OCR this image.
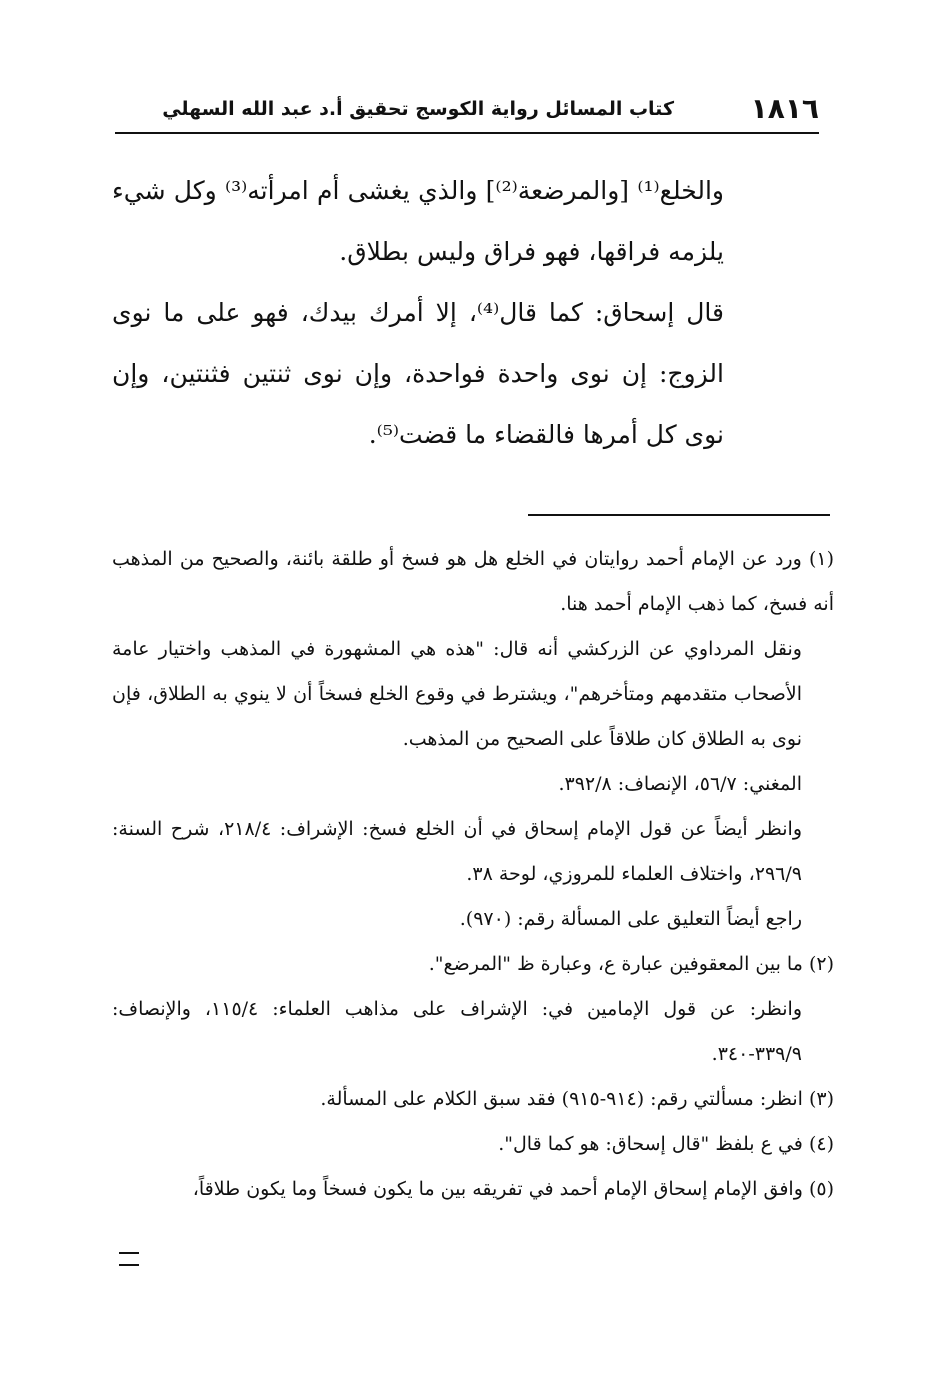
١٨١٦
كتاب المسائل رواية الكوسج تحقيق أ.د عبد الله السهلي

والخلع⁽¹⁾ [والمرضعة⁽²⁾] والذي يغشى أم امرأته⁽³⁾ وكل شيء يلزمه فراقها، فهو فراق وليس بطلاق.

قال إسحاق: كما قال⁽⁴⁾، إلا أمرك بيدك، فهو على ما نوى الزوج: إن نوى واحدة فواحدة، وإن نوى ثنتين فثنتين، وإن نوى كل أمرها فالقضاء ما قضت⁽⁵⁾.

(١) ورد عن الإمام أحمد روايتان في الخلع هل هو فسخ أو طلقة بائنة، والصحيح من المذهب أنه فسخ، كما ذهب الإمام أحمد هنا.

ونقل المرداوي عن الزركشي أنه قال: "هذه هي المشهورة في المذهب واختيار عامة الأصحاب متقدمهم ومتأخرهم"، ويشترط في وقوع الخلع فسخاً أن لا ينوي به الطلاق، فإن نوى به الطلاق كان طلاقاً على الصحيح من المذهب.

المغني: ٥٦/٧، الإنصاف: ٣٩٢/٨.

وانظر أيضاً عن قول الإمام إسحاق في أن الخلع فسخ: الإشراف: ٢١٨/٤، شرح السنة: ٢٩٦/٩، واختلاف العلماء للمروزي، لوحة ٣٨.

راجع أيضاً التعليق على المسألة رقم: (٩٧٠).

(٢) ما بين المعقوفين عبارة ع، وعبارة ظ "المرضع".

وانظر: عن قول الإمامين في: الإشراف على مذاهب العلماء: ١١٥/٤، والإنصاف: ٣٣٩/٩-٣٤٠.

(٣) انظر: مسألتي رقم: (٩١٤-٩١٥) فقد سبق الكلام على المسألة.

(٤) في ع بلفظ "قال إسحاق: هو كما قال".

(٥) وافق الإمام إسحاق الإمام أحمد في تفريقه بين ما يكون فسخاً وما يكون طلاقاً،
